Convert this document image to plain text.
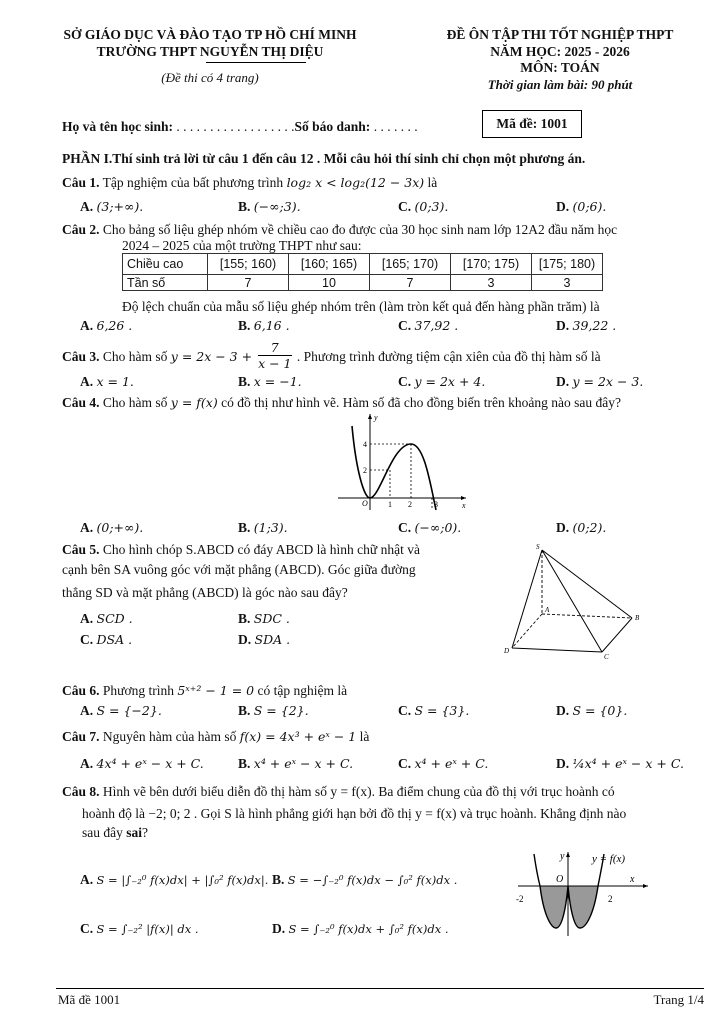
SỞ GIÁO DỤC VÀ ĐÀO TẠO TP HỒ CHÍ MINH
TRƯỜNG THPT NGUYỄN THỊ DIỆU
(Đề thi có 4 trang)
ĐỀ ÔN TẬP THI TỐT NGHIỆP THPT
NĂM HỌC: 2025 - 2026
MÔN: TOÁN
Thời gian làm bài: 90 phút
Họ và tên học sinh: . . . . . . . . . . . . . . . . . .Số báo danh: . . . . . . .	Mã đề: 1001
PHẦN I.Thí sinh trả lời từ câu 1 đến câu 12 . Mỗi câu hỏi thí sinh chỉ chọn một phương án.
Câu 1. Tập nghiệm của bất phương trình log₂ x < log₂(12 − 3x) là
A. (3;+∞).	B. (−∞;3).	C. (0;3).	D. (0;6).
Câu 2. Cho bảng số liệu ghép nhóm về chiều cao đo được của 30 học sinh nam lớp 12A2 đầu năm học
2024 – 2025 của một trường THPT như sau:
Chiều cao	[155; 160)	[160; 165)	[165; 170)	[170; 175)	[175; 180)
Tần số	7	10	7	3	3
Độ lệch chuẩn của mẫu số liệu ghép nhóm trên (làm tròn kết quả đến hàng phần trăm) là
A. 6,26 .	B. 6,16 .	C. 37,92 .	D. 39,22 .
Câu 3. Cho hàm số $y = 2x - 3 + \frac{7}{x - 1}$ . Phương trình đường tiệm cận xiên của đồ thị hàm số là
A. x = 1.	B. x = −1.	C. y = 2x + 4.	D. y = 2x − 3.
Câu 4. Cho hàm số y = f(x) có đồ thị như hình vẽ. Hàm số đã cho đồng biến trên khoảng nào sau đây?
y
x
O
4
2
1 2	3
A. (0;+∞).	B. (1;3).	C. (−∞;0).	D. (0;2).
Câu 5. Cho hình chóp S.ABCD có đáy ABCD là hình chữ nhật và
cạnh bên SA vuông góc với mặt phẳng (ABCD). Góc giữa đường
thẳng SD và mặt phẳng (ABCD) là góc nào sau đây?
A. SCD .	B. SDC .
C. DSA .	D. SDA .
S
A
B
C
D
Câu 6. Phương trình 5ˣ⁺² − 1 = 0 có tập nghiệm là
A. S = {−2}.	B. S = {2}.	C. S = {3}.	D. S = {0}.
Câu 7. Nguyên hàm của hàm số f(x) = 4x³ + eˣ − 1 là
A. 4x⁴ + eˣ − x + C.	B. x⁴ + eˣ − x + C.	C. x⁴ + eˣ + C.	D. ¼x⁴ + eˣ − x + C.
Câu 8. Hình vẽ bên dưới biểu diễn đồ thị hàm số y = f(x). Ba điểm chung của đồ thị với trục hoành có
hoành độ là −2; 0; 2 . Gọi S là hình phẳng giới hạn bởi đồ thị y = f(x) và trục hoành. Khẳng định nào
sau đây sai?
A. S = |∫₋₂⁰ f(x)dx| + |∫₀² f(x)dx|. B. S = −∫₋₂⁰ f(x)dx − ∫₀² f(x)dx .
C. S = ∫₋₂² |f(x)| dx .	D. S = ∫₋₂⁰ f(x)dx + ∫₀² f(x)dx .
y	y = f(x)
O	x
-2	2
Mã đề 1001	Trang 1/4
